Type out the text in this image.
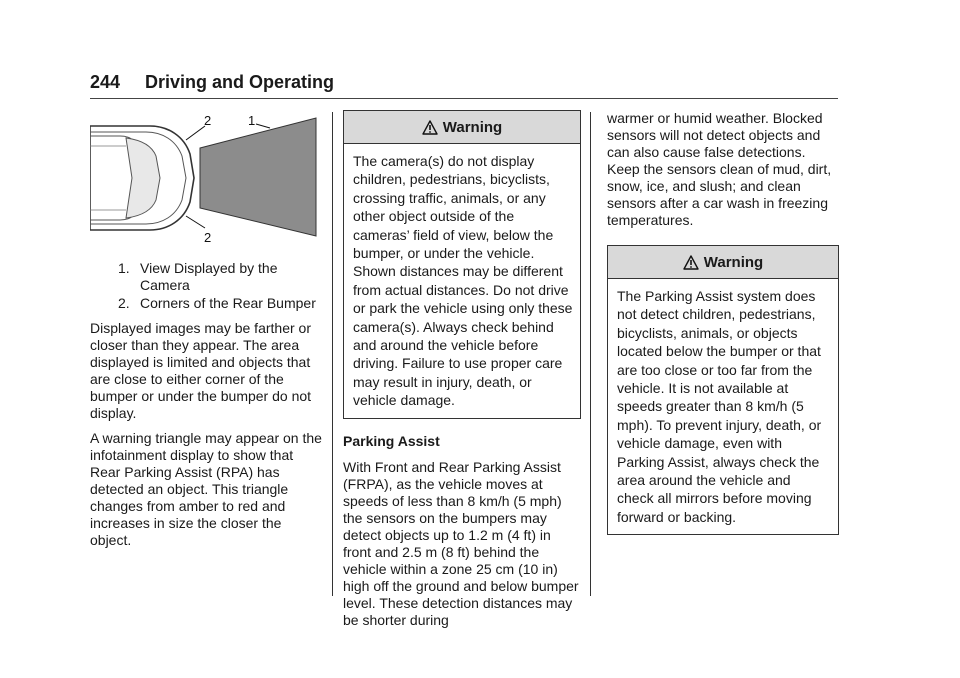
244 Driving and Operating
2	1
2
1. View Displayed by the Camera
2. Corners of the Rear Bumper

Displayed images may be farther or closer than they appear. The area displayed is limited and objects that are close to either corner of the bumper or under the bumper do not display.

A warning triangle may appear on the infotainment display to show that Rear Parking Assist (RPA) has detected an object. This triangle changes from amber to red and increases in size the closer the object.

Warning
The camera(s) do not display children, pedestrians, bicyclists, crossing traffic, animals, or any other object outside of the cameras’ field of view, below the bumper, or under the vehicle. Shown distances may be different from actual distances. Do not drive or park the vehicle using only these camera(s). Always check behind and around the vehicle before driving. Failure to use proper care may result in injury, death, or vehicle damage.

Parking Assist

With Front and Rear Parking Assist (FRPA), as the vehicle moves at speeds of less than 8 km/h (5 mph) the sensors on the bumpers may detect objects up to 1.2 m (4 ft) in front and 2.5 m (8 ft) behind the vehicle within a zone 25 cm (10 in) high off the ground and below bumper level. These detection distances may be shorter during

warmer or humid weather. Blocked sensors will not detect objects and can also cause false detections. Keep the sensors clean of mud, dirt, snow, ice, and slush; and clean sensors after a car wash in freezing temperatures.

Warning
The Parking Assist system does not detect children, pedestrians, bicyclists, animals, or objects located below the bumper or that are too close or too far from the vehicle. It is not available at speeds greater than 8 km/h (5 mph). To prevent injury, death, or vehicle damage, even with Parking Assist, always check the area around the vehicle and check all mirrors before moving forward or backing.
